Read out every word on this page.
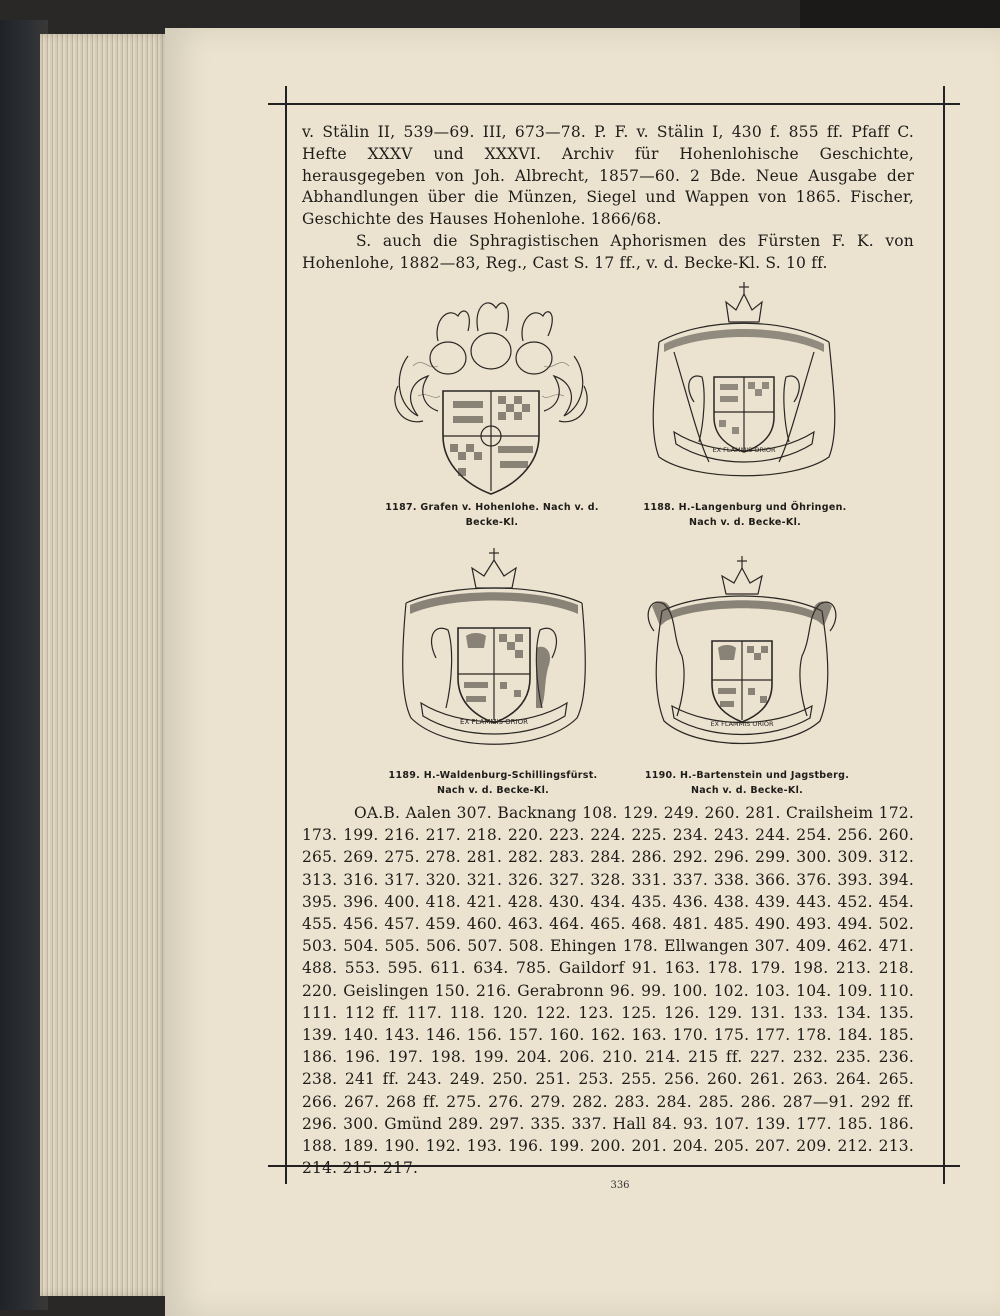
v. Stälin II, 539—69. III, 673—78. P. F. v. Stälin I, 430 f. 855 ff. Pfaff C. Hefte XXXV und XXXVI. Archiv für Hohenlohische Geschichte, herausgegeben von Joh. Albrecht, 1857—60. 2 Bde. Neue Ausgabe der Abhandlungen über die Münzen, Siegel und Wappen von 1865. Fischer, Geschichte des Hauses Hohenlohe. 1866/68.

S. auch die Sphragistischen Aphorismen des Fürsten F. K. von Hohenlohe, 1882—83, Reg., Cast S. 17 ff., v. d. Becke-Kl. S. 10 ff.

1187. Grafen v. Hohenlohe. Nach v. d.
Becke-Kl.
EX FLAMMIS ORIOR
1188. H.-Langenburg und Öhringen.
Nach v. d. Becke-Kl.
EX FLAMMIS ORIOR
1189. H.-Waldenburg-Schillingsfürst.
Nach v. d. Becke-Kl.
EX FLAMMIS ORIOR
1190. H.-Bartenstein und Jagstberg.
Nach v. d. Becke-Kl.
OA.B. Aalen 307. Backnang 108. 129. 249. 260. 281. Crailsheim 172. 173. 199. 216. 217. 218. 220. 223. 224. 225. 234. 243. 244. 254. 256. 260. 265. 269. 275. 278. 281. 282. 283. 284. 286. 292. 296. 299. 300. 309. 312. 313. 316. 317. 320. 321. 326. 327. 328. 331. 337. 338. 366. 376. 393. 394. 395. 396. 400. 418. 421. 428. 430. 434. 435. 436. 438. 439. 443. 452. 454. 455. 456. 457. 459. 460. 463. 464. 465. 468. 481. 485. 490. 493. 494. 502. 503. 504. 505. 506. 507. 508. Ehingen 178. Ellwangen 307. 409. 462. 471. 488. 553. 595. 611. 634. 785. Gaildorf 91. 163. 178. 179. 198. 213. 218. 220. Geislingen 150. 216. Gerabronn 96. 99. 100. 102. 103. 104. 109. 110. 111. 112 ff. 117. 118. 120. 122. 123. 125. 126. 129. 131. 133. 134. 135. 139. 140. 143. 146. 156. 157. 160. 162. 163. 170. 175. 177. 178. 184. 185. 186. 196. 197. 198. 199. 204. 206. 210. 214. 215 ff. 227. 232. 235. 236. 238. 241 ff. 243. 249. 250. 251. 253. 255. 256. 260. 261. 263. 264. 265. 266. 267. 268 ff. 275. 276. 279. 282. 283. 284. 285. 286. 287—91. 292 ff. 296. 300. Gmünd 289. 297. 335. 337. Hall 84. 93. 107. 139. 177. 185. 186. 188. 189. 190. 192. 193. 196. 199. 200. 201. 204. 205. 207. 209. 212. 213. 214. 215. 217.
336
